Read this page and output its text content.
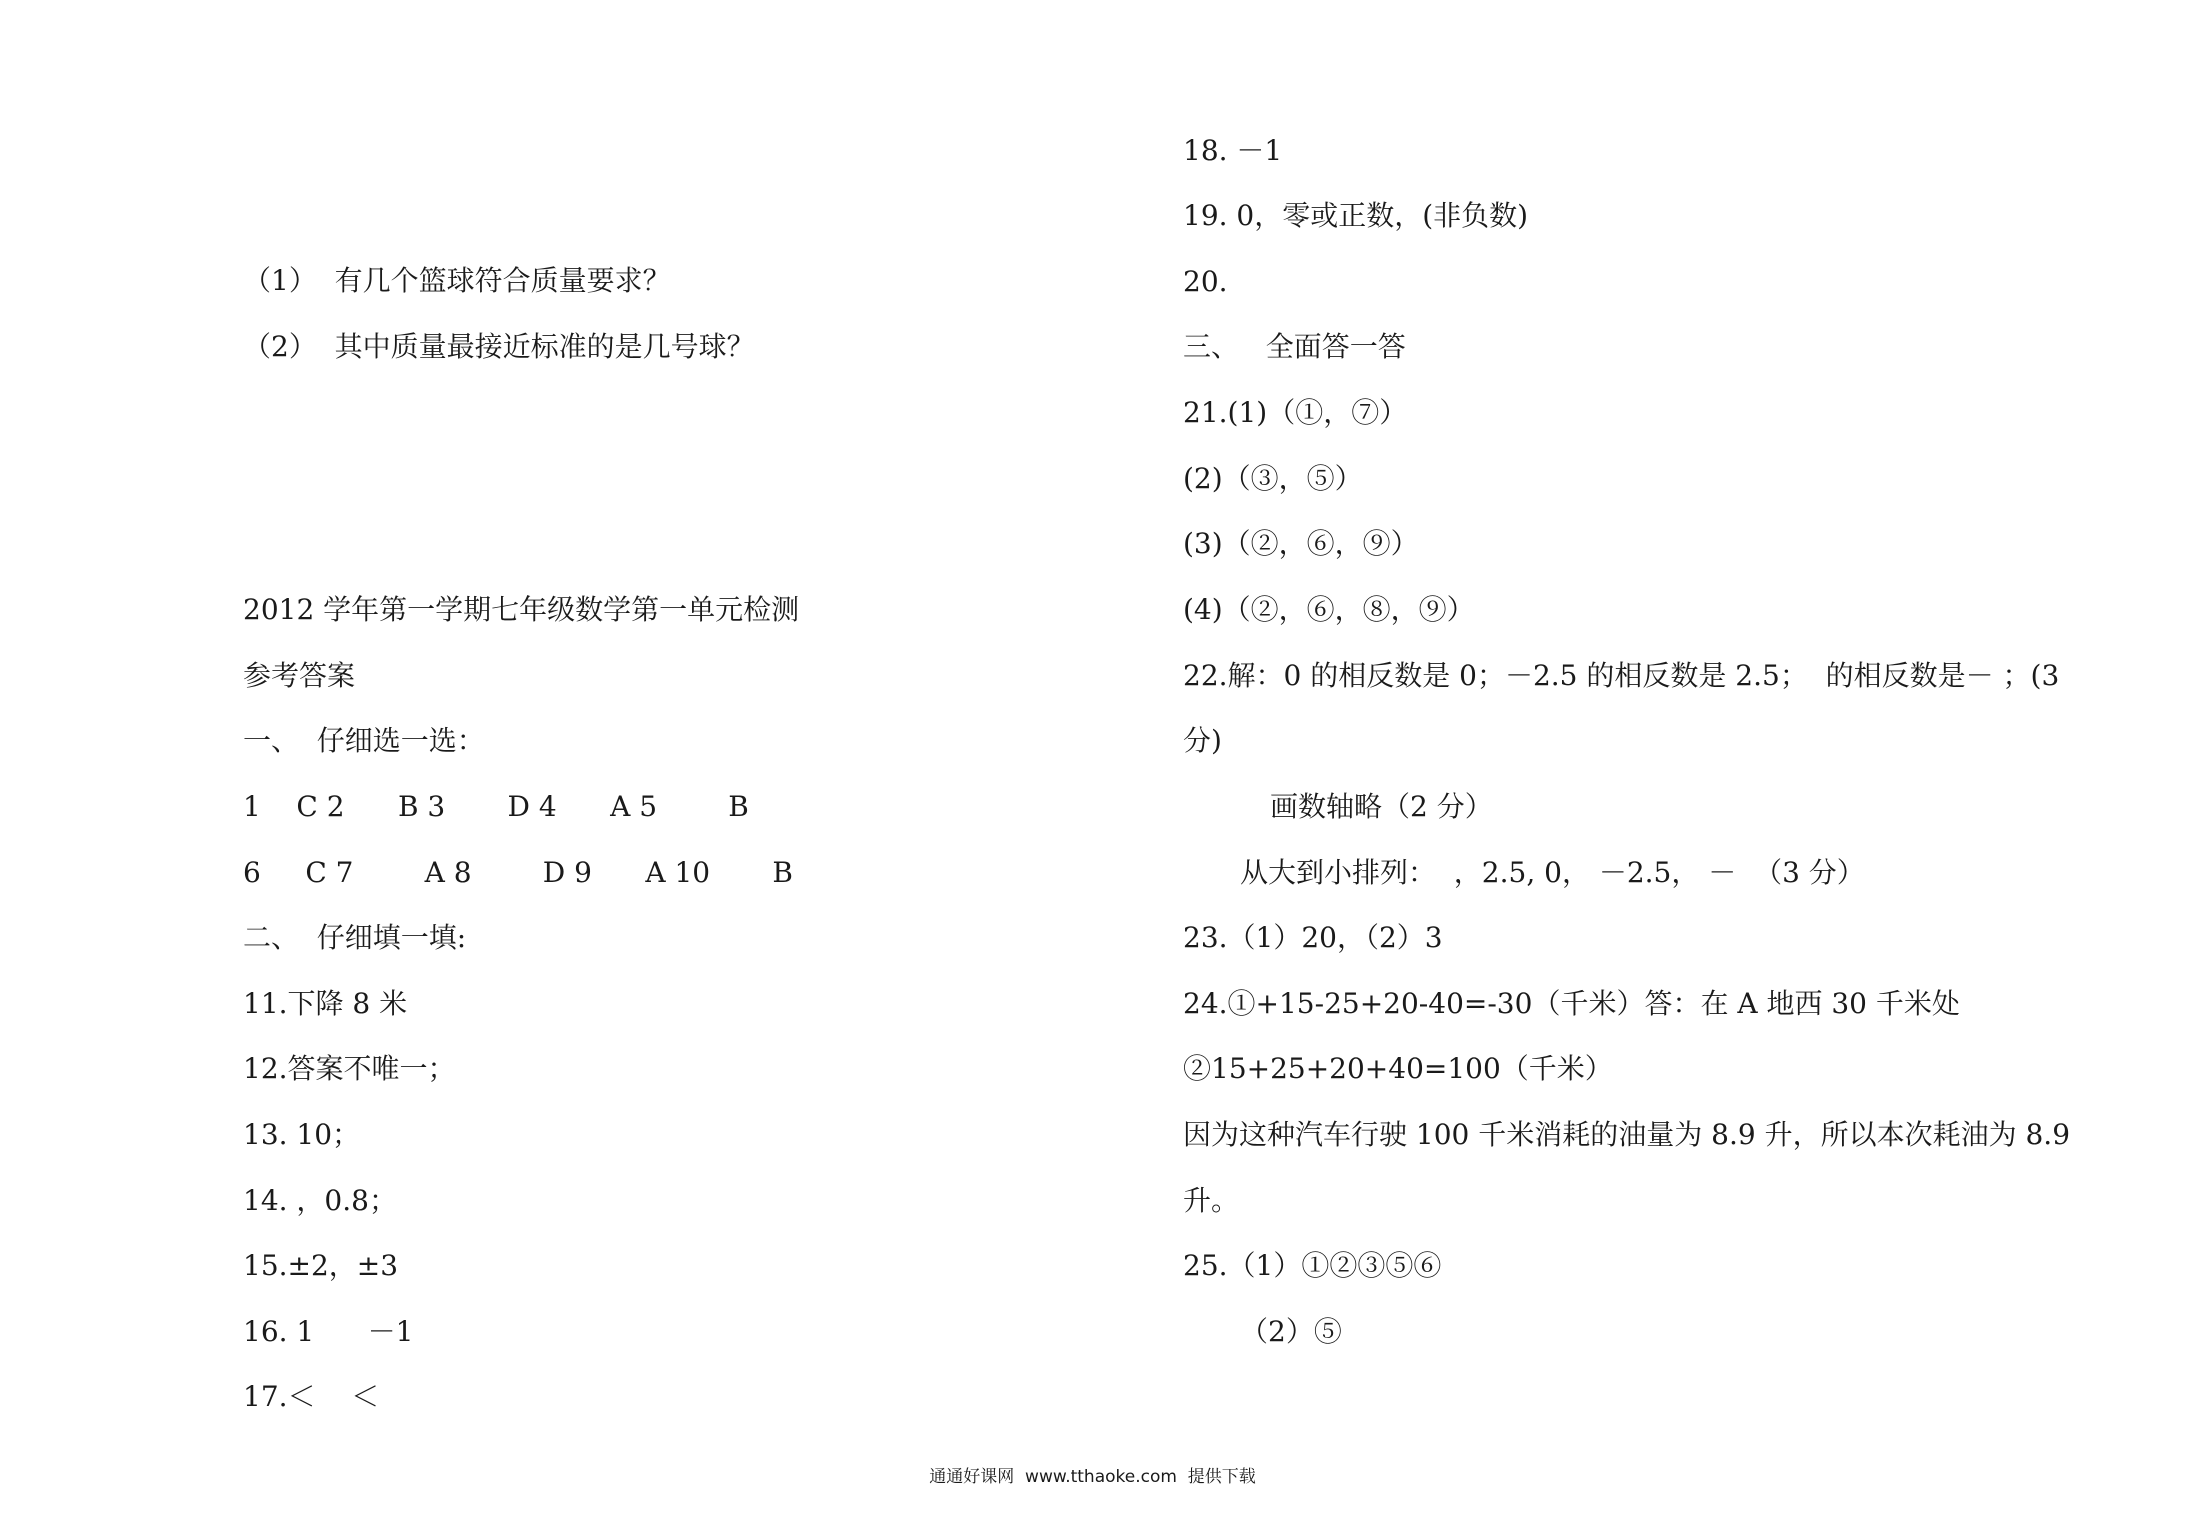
（1）  有几个篮球符合质量要求？
（2）  其中质量最接近标准的是几号球？
2012 学年第一学期七年级数学第一单元检测
参考答案
一、  仔细选一选：
1    C 2      B 3       D 4      A 5        B
6     C 7        A 8        D 9      A 10       B
二、  仔细填一填:
11.下降 8 米
12.答案不唯一；
13. 10；
14. ，0.8；
15.±2，±3
16. 1      －1
17.＜    ＜
18. －1
19. 0，零或正数，(非负数)
20.
三、   全面答一答
21.(1)（①，⑦）
(2)（③，⑤）
(3)（②，⑥，⑨）
(4)（②，⑥，⑧，⑨）
22.解：0 的相反数是 0；－2.5 的相反数是 2.5；  的相反数是－ ；(3
分)
画数轴略（2 分）
从大到小排列：  ，2.5, 0， －2.5， －  （3 分）
23.（1）20，（2）3
24.①+15-25+20-40=-30（千米）答：在 A 地西 30 千米处
②15+25+20+40=100（千米）
因为这种汽车行驶 100 千米消耗的油量为 8.9 升，所以本次耗油为 8.9
升。
25.（1）①②③⑤⑥
（2）⑤
通通好课网  www.tthaoke.com  提供下载
